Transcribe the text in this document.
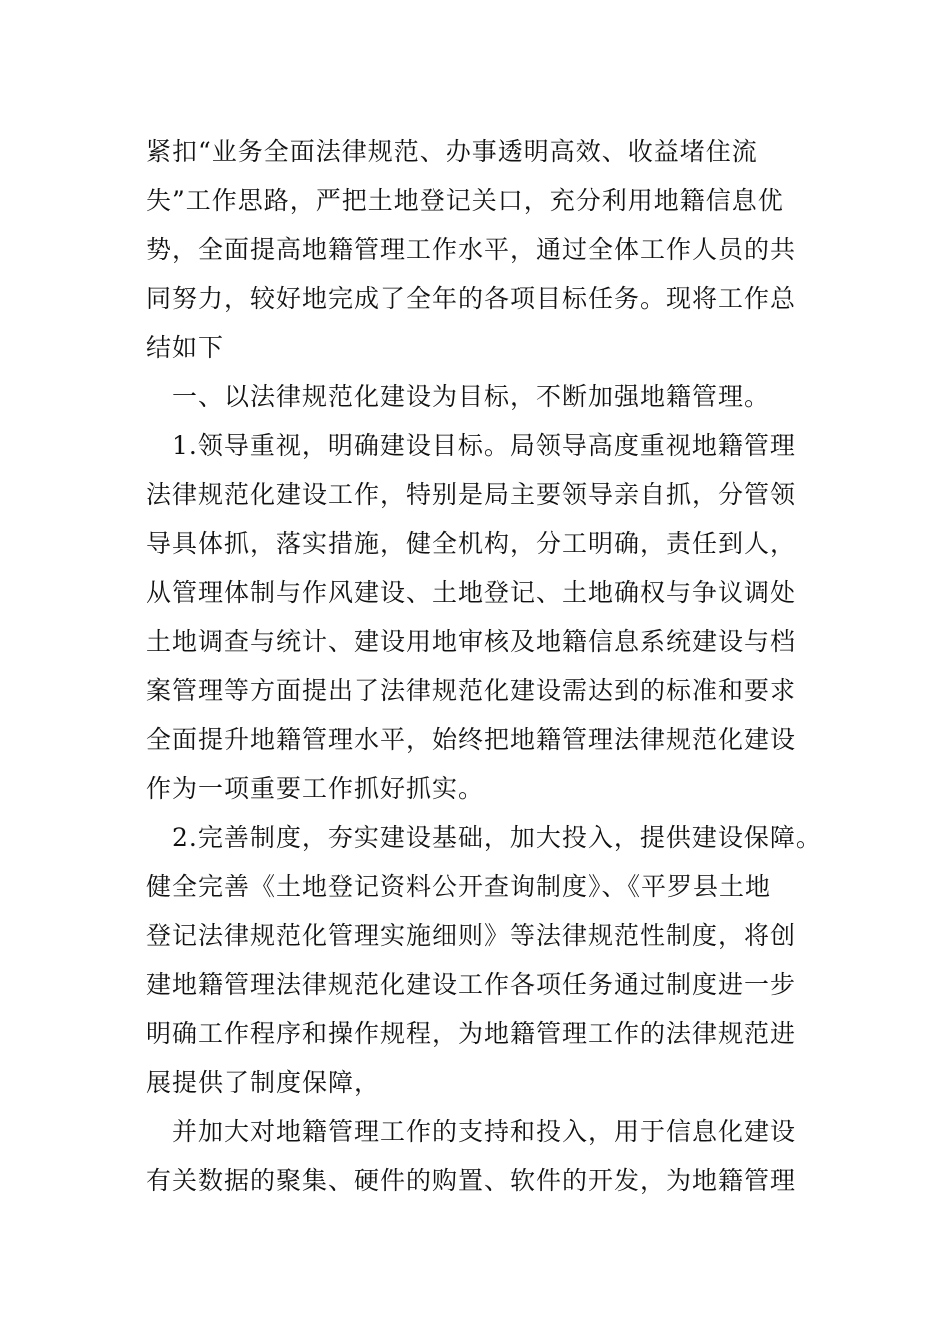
紧扣“业务全面法律规范、办事透明高效、收益堵住流
失”工作思路，严把土地登记关口，充分利用地籍信息优
势，全面提高地籍管理工作水平，通过全体工作人员的共
同努力，较好地完成了全年的各项目标任务。现将工作总
结如下
一、以法律规范化建设为目标，不断加强地籍管理。
1.领导重视，明确建设目标。局领导高度重视地籍管理
法律规范化建设工作，特别是局主要领导亲自抓，分管领
导具体抓，落实措施，健全机构，分工明确，责任到人，
从管理体制与作风建设、土地登记、土地确权与争议调处
土地调查与统计、建设用地审核及地籍信息系统建设与档
案管理等方面提出了法律规范化建设需达到的标准和要求
全面提升地籍管理水平，始终把地籍管理法律规范化建设
作为一项重要工作抓好抓实。
2.完善制度，夯实建设基础，加大投入，提供建设保障。
健全完善《土地登记资料公开查询制度》、《平罗县土地
登记法律规范化管理实施细则》等法律规范性制度，将创
建地籍管理法律规范化建设工作各项任务通过制度进一步
明确工作程序和操作规程，为地籍管理工作的法律规范进
展提供了制度保障，
并加大对地籍管理工作的支持和投入，用于信息化建设
有关数据的聚集、硬件的购置、软件的开发，为地籍管理
